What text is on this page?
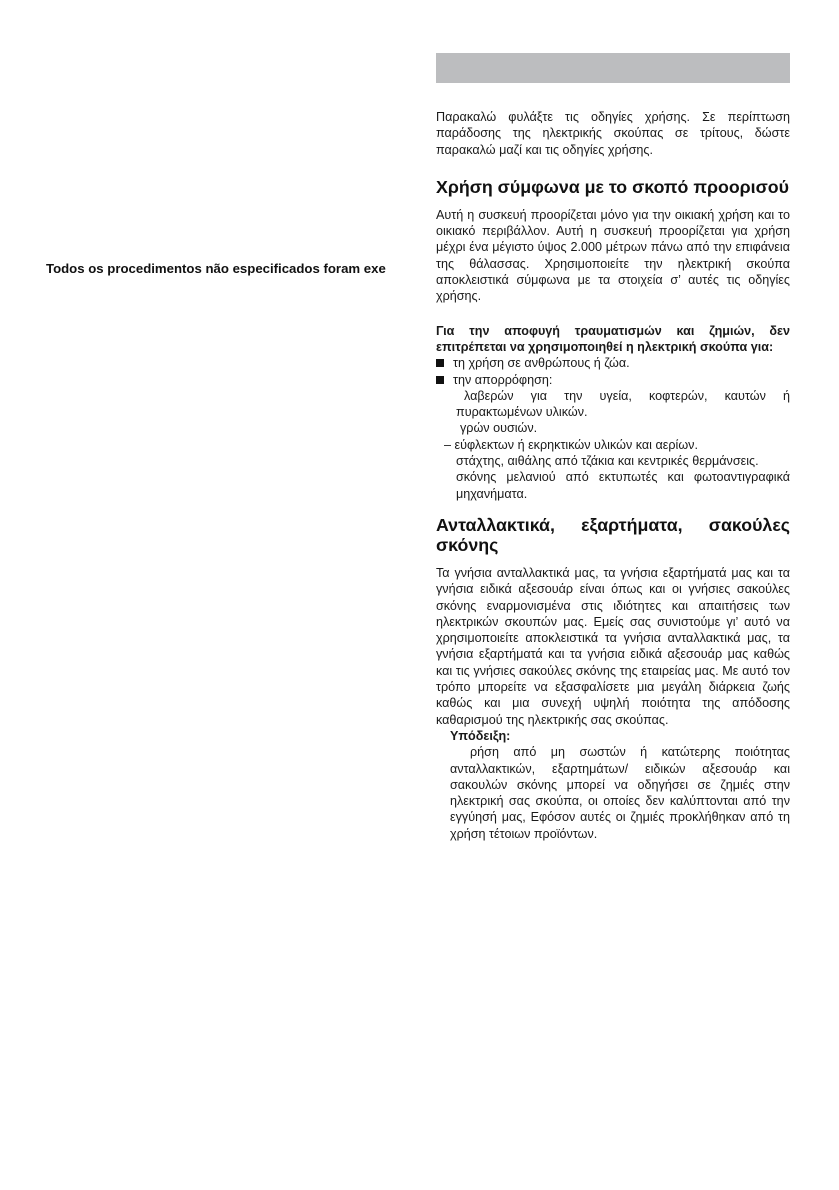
Todos os procedimentos não especificados foram exe

Παρακαλώ φυλάξτε τις οδηγίες χρήσης. Σε περίπτωση παράδοσης της ηλεκτρικής σκούπας σε τρίτους, δώστε παρακαλώ μαζί και τις οδηγίες χρήσης.

Χρήση σύμφωνα με το σκοπό προορισού

Αυτή η συσκευή προορίζεται μόνο για την οικιακή χρήση και το οικιακό περιβάλλον. Αυτή η συσκευή προορίζεται για χρήση μέχρι ένα μέγιστο ύψος 2.000 μέτρων πάνω από την επιφάνεια της θάλασσας. Χρησιμοποιείτε την ηλεκτρική σκούπα αποκλειστικά σύμφωνα με τα στοιχεία σ’ αυτές τις οδηγίες χρήσης.

Για την αποφυγή τραυματισμών και ζημιών, δεν επιτρέπεται να χρησιμοποιηθεί η ηλεκτρική σκούπα για:
τη χρήση σε ανθρώπους ή ζώα.
την απορρόφηση:
λαβερών για την υγεία, κοφτερών, καυτών ή πυρακτωμένων υλικών.
γρών ουσιών.
– εύφλεκτων ή εκρηκτικών υλικών και αερίων.
στάχτης, αιθάλης από τζάκια και κεντρικές θερμάνσεις.
σκόνης μελανιού από εκτυπωτές και φωτοαντιγραφικά μηχανήματα.
Ανταλλακτικά, εξαρτήματα, σακούλες
σκόνης

Τα γνήσια ανταλλακτικά μας, τα γνήσια εξαρτήματά μας και τα γνήσια ειδικά αξεσουάρ είναι όπως και οι γνήσιες σακούλες σκόνης εναρμονισμένα στις ιδιότητες και απαιτήσεις των ηλεκτρικών σκουπών μας. Εμείς σας συνιστούμε γι’ αυτό να χρησιμοποιείτε αποκλειστικά τα γνήσια ανταλλακτικά μας, τα γνήσια εξαρτήματά και τα γνήσια ειδικά αξεσουάρ μας καθώς και τις γνήσιες σακούλες σκόνης της εταιρείας μας. Με αυτό τον τρόπο μπορείτε να εξασφαλίσετε μια μεγάλη διάρκεια ζωής καθώς και μια συνεχή υψηλή ποιότητα της απόδοσης καθαρισμού της ηλεκτρικής σας σκούπας.

Υπόδειξη:

ρήση από μη σωστών ή κατώτερης ποιότητας ανταλλακτικών, εξαρτημάτων/ ειδικών αξεσουάρ και σακουλών σκόνης μπορεί να οδηγήσει σε ζημιές στην ηλεκτρική σας σκούπα, οι οποίες δεν καλύπτονται από την εγγύησή μας, Εφόσον αυτές οι ζημιές προκλήθηκαν από τη χρήση τέτοιων προϊόντων.
